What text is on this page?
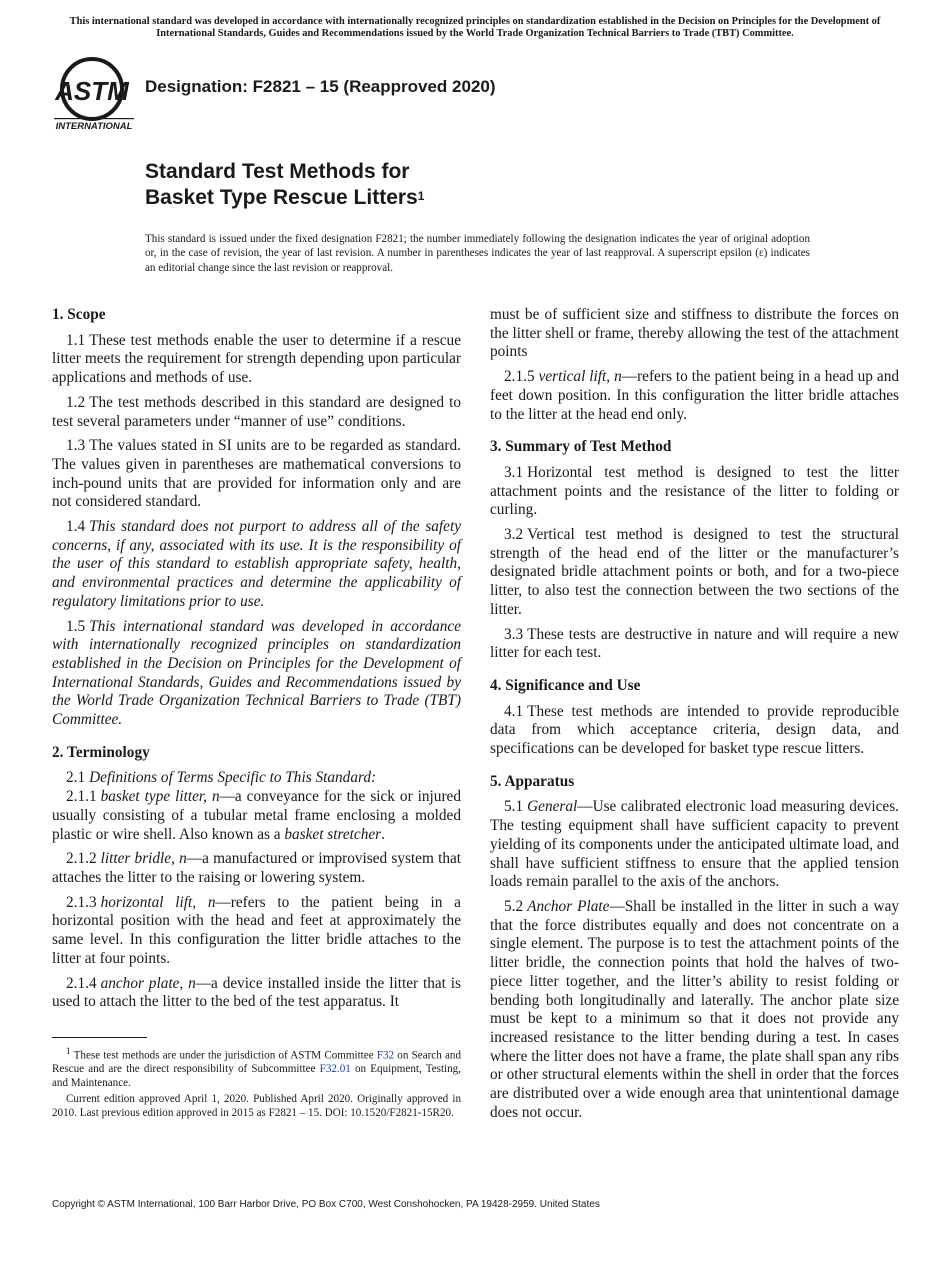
This international standard was developed in accordance with internationally recognized principles on standardization established in the Decision on Principles for the Development of International Standards, Guides and Recommendations issued by the World Trade Organization Technical Barriers to Trade (TBT) Committee.
ASTM
INTERNATIONAL
Designation: F2821 – 15 (Reapproved 2020)
Standard Test Methods for
Basket Type Rescue Litters$^1$
This standard is issued under the fixed designation F2821; the number immediately following the designation indicates the year of original adoption or, in the case of revision, the year of last revision. A number in parentheses indicates the year of last reapproval. A superscript epsilon (ε) indicates an editorial change since the last revision or reapproval.
1. Scope

1.1 These test methods enable the user to determine if a rescue litter meets the requirement for strength depending upon particular applications and methods of use.

1.2 The test methods described in this standard are designed to test several parameters under “manner of use” conditions.

1.3 The values stated in SI units are to be regarded as standard. The values given in parentheses are mathematical conversions to inch-pound units that are provided for information only and are not considered standard.

1.4 This standard does not purport to address all of the safety concerns, if any, associated with its use. It is the responsibility of the user of this standard to establish appropriate safety, health, and environmental practices and determine the applicability of regulatory limitations prior to use.

1.5 This international standard was developed in accordance with internationally recognized principles on standardization established in the Decision on Principles for the Development of International Standards, Guides and Recommendations issued by the World Trade Organization Technical Barriers to Trade (TBT) Committee.

2. Terminology

2.1 Definitions of Terms Specific to This Standard:

2.1.1 basket type litter, n—a conveyance for the sick or injured usually consisting of a tubular metal frame enclosing a molded plastic or wire shell. Also known as a basket stretcher.

2.1.2 litter bridle, n—a manufactured or improvised system that attaches the litter to the raising or lowering system.

2.1.3 horizontal lift, n—refers to the patient being in a horizontal position with the head and feet at approximately the same level. In this configuration the litter bridle attaches to the litter at four points.

2.1.4 anchor plate, n—a device installed inside the litter that is used to attach the litter to the bed of the test apparatus. It

$^1$ These test methods are under the jurisdiction of ASTM Committee F32 on Search and Rescue and are the direct responsibility of Subcommittee F32.01 on Equipment, Testing, and Maintenance.

Current edition approved April 1, 2020. Published April 2020. Originally approved in 2010. Last previous edition approved in 2015 as F2821 – 15. DOI: 10.1520/F2821-15R20.

must be of sufficient size and stiffness to distribute the forces on the litter shell or frame, thereby allowing the test of the attachment points

2.1.5 vertical lift, n—refers to the patient being in a head up and feet down position. In this configuration the litter bridle attaches to the litter at the head end only.

3. Summary of Test Method

3.1 Horizontal test method is designed to test the litter attachment points and the resistance of the litter to folding or curling.

3.2 Vertical test method is designed to test the structural strength of the head end of the litter or the manufacturer’s designated bridle attachment points or both, and for a two-piece litter, to also test the connection between the two sections of the litter.

3.3 These tests are destructive in nature and will require a new litter for each test.

4. Significance and Use

4.1 These test methods are intended to provide reproducible data from which acceptance criteria, design data, and specifications can be developed for basket type rescue litters.

5. Apparatus

5.1 General—Use calibrated electronic load measuring devices. The testing equipment shall have sufficient capacity to prevent yielding of its components under the anticipated ultimate load, and shall have sufficient stiffness to ensure that the applied tension loads remain parallel to the axis of the anchors.

5.2 Anchor Plate—Shall be installed in the litter in such a way that the force distributes equally and does not concentrate on a single element. The purpose is to test the attachment points of the litter bridle, the connection points that hold the halves of two-piece litter together, and the litter’s ability to resist folding or bending both longitudinally and laterally. The anchor plate size must be kept to a minimum so that it does not provide any increased resistance to the litter bending during a test. In cases where the litter does not have a frame, the plate shall span any ribs or other structural elements within the shell in order that the forces are distributed over a wide enough area that unintentional damage does not occur.

Copyright © ASTM International, 100 Barr Harbor Drive, PO Box C700, West Conshohocken, PA 19428-2959. United States
